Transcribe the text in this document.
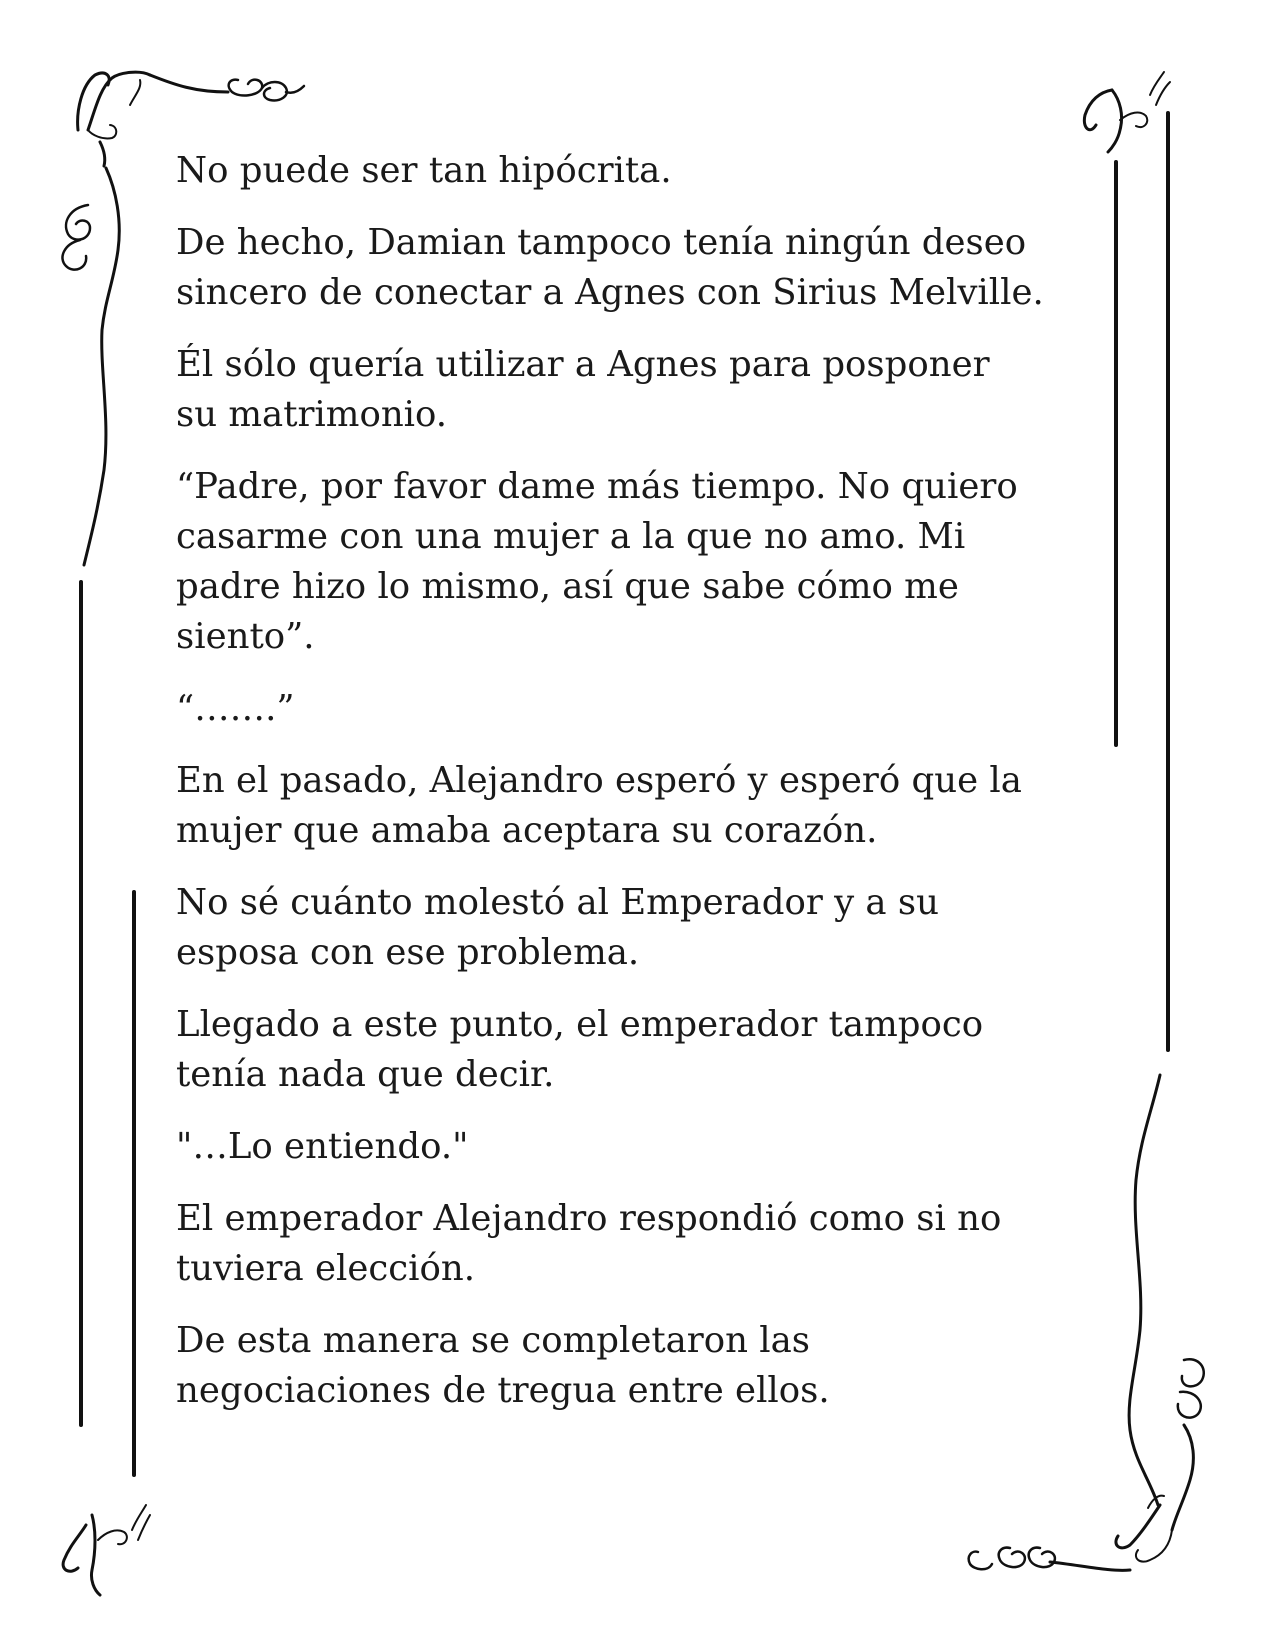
No puede ser tan hipócrita.

De hecho, Damian tampoco tenía ningún deseo
sincero de conectar a Agnes con Sirius Melville.

Él sólo quería utilizar a Agnes para posponer
su matrimonio.

“Padre, por favor dame más tiempo. No quiero
casarme con una mujer a la que no amo. Mi
padre hizo lo mismo, así que sabe cómo me
siento”.

“…….”

En el pasado, Alejandro esperó y esperó que la
mujer que amaba aceptara su corazón.

No sé cuánto molestó al Emperador y a su
esposa con ese problema.

Llegado a este punto, el emperador tampoco
tenía nada que decir.

"…Lo entiendo."

El emperador Alejandro respondió como si no
tuviera elección.

De esta manera se completaron las
negociaciones de tregua entre ellos.
